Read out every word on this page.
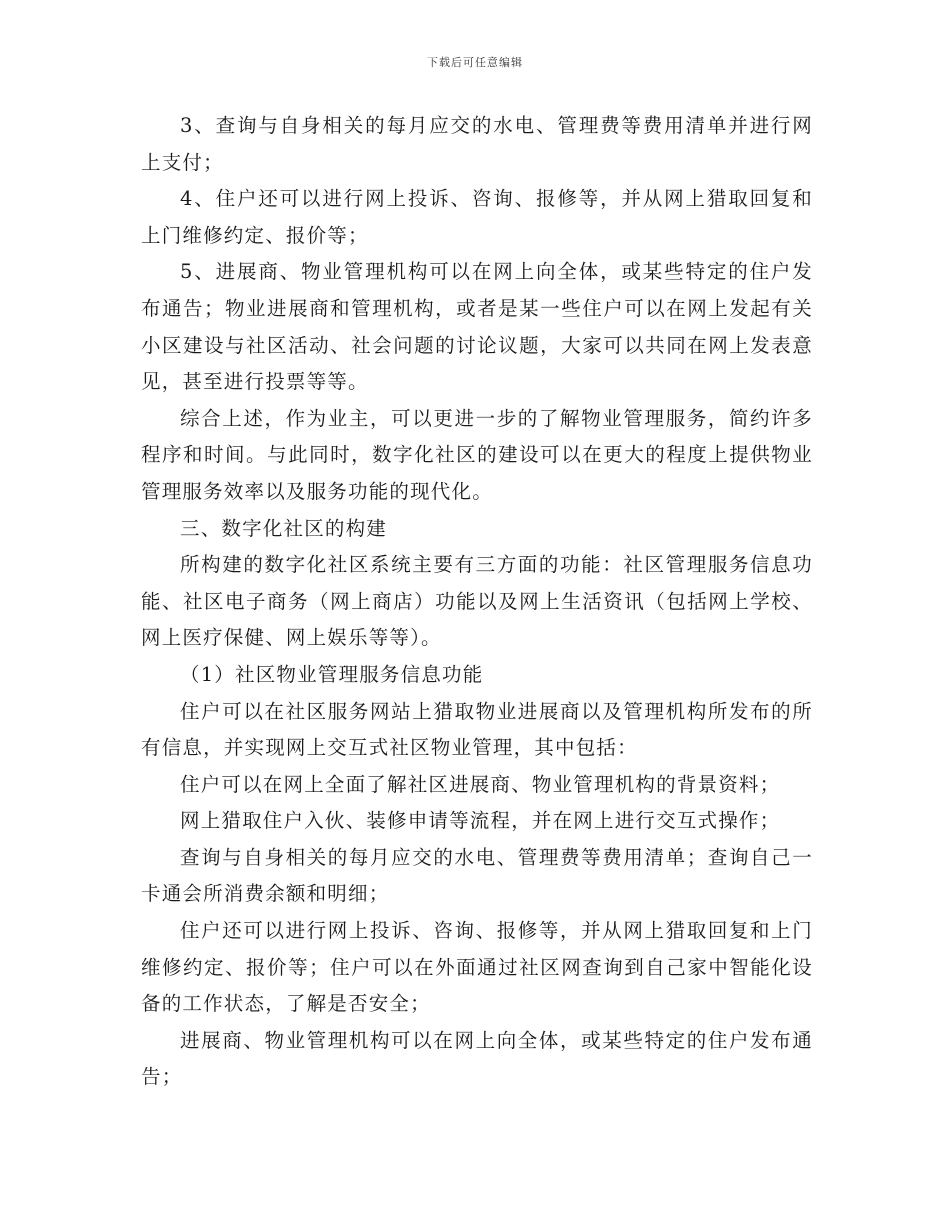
下载后可任意编辑

3、查询与自身相关的每月应交的水电、管理费等费用清单并进行网上支付；

4、住户还可以进行网上投诉、咨询、报修等，并从网上猎取回复和上门维修约定、报价等；

5、进展商、物业管理机构可以在网上向全体，或某些特定的住户发布通告；物业进展商和管理机构，或者是某一些住户可以在网上发起有关小区建设与社区活动、社会问题的讨论议题，大家可以共同在网上发表意见，甚至进行投票等等。

综合上述，作为业主，可以更进一步的了解物业管理服务，简约许多程序和时间。与此同时，数字化社区的建设可以在更大的程度上提供物业管理服务效率以及服务功能的现代化。

三、数字化社区的构建

所构建的数字化社区系统主要有三方面的功能：社区管理服务信息功能、社区电子商务（网上商店）功能以及网上生活资讯（包括网上学校、网上医疗保健、网上娱乐等等）。

（1）社区物业管理服务信息功能

住户可以在社区服务网站上猎取物业进展商以及管理机构所发布的所有信息，并实现网上交互式社区物业管理，其中包括：

住户可以在网上全面了解社区进展商、物业管理机构的背景资料；

网上猎取住户入伙、装修申请等流程，并在网上进行交互式操作；

查询与自身相关的每月应交的水电、管理费等费用清单；查询自己一卡通会所消费余额和明细；

住户还可以进行网上投诉、咨询、报修等，并从网上猎取回复和上门维修约定、报价等；住户可以在外面通过社区网查询到自己家中智能化设备的工作状态，了解是否安全；

进展商、物业管理机构可以在网上向全体，或某些特定的住户发布通告；
